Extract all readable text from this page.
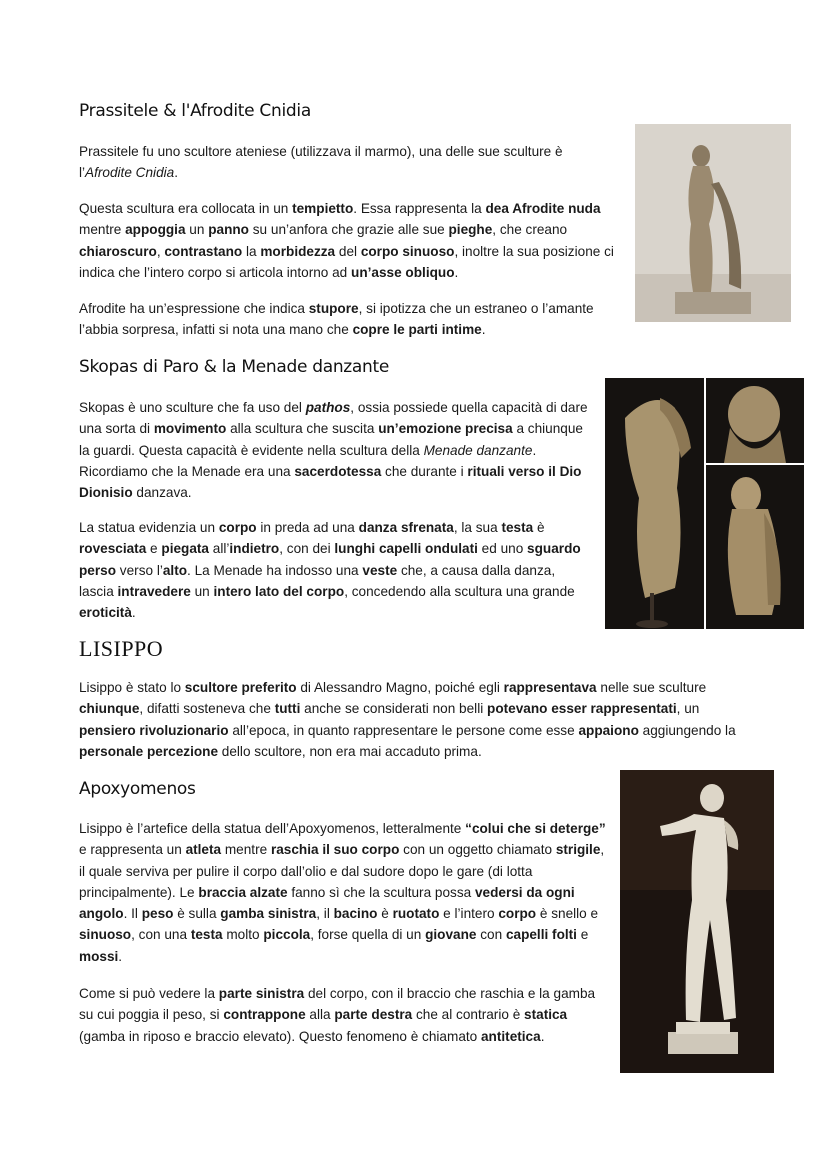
Prassitele & l'Afrodite Cnidia

Prassitele fu uno scultore ateniese (utilizzava il marmo), una delle sue sculture è l’Afrodite Cnidia.

Questa scultura era collocata in un tempietto. Essa rappresenta la dea Afrodite nuda mentre appoggia un panno su un’anfora che grazie alle sue pieghe, che creano chiaroscuro, contrastano la morbidezza del corpo sinuoso, inoltre la sua posizione ci indica che l’intero corpo si articola intorno ad un’asse obliquo.

Afrodite ha un’espressione che indica stupore, si ipotizza che un estraneo o l’amante l’abbia sorpresa, infatti si nota una mano che copre le parti intime.

Skopas di Paro & la Menade danzante

Skopas è uno sculture che fa uso del pathos, ossia possiede quella capacità di dare una sorta di movimento alla scultura che suscita un’emozione precisa a chiunque la guardi. Questa capacità è evidente nella scultura della Menade danzante. Ricordiamo che la Menade era una sacerdotessa che durante i rituali verso il Dio Dionisio danzava.

La statua evidenzia un corpo in preda ad una danza sfrenata, la sua testa è rovesciata e piegata all’indietro, con dei lunghi capelli ondulati ed uno sguardo perso verso l’alto. La Menade ha indosso una veste che, a causa dalla danza, lascia intravedere un intero lato del corpo, concedendo alla scultura una grande eroticità.

LISIPPO

Lisippo è stato lo scultore preferito di Alessandro Magno, poiché egli rappresentava nelle sue sculture chiunque, difatti sosteneva che tutti anche se considerati non belli potevano esser rappresentati, un pensiero rivoluzionario all’epoca, in quanto rappresentare le persone come esse appaiono aggiungendo la personale percezione dello scultore, non era mai accaduto prima.

Apoxyomenos

Lisippo è l’artefice della statua dell’Apoxyomenos, letteralmente “colui che si deterge” e rappresenta un atleta mentre raschia il suo corpo con un oggetto chiamato strigile, il quale serviva per pulire il corpo dall’olio e dal sudore dopo le gare (di lotta principalmente). Le braccia alzate fanno sì che la scultura possa vedersi da ogni angolo. Il peso è sulla gamba sinistra, il bacino è ruotato e l’intero corpo è snello e sinuoso, con una testa molto piccola, forse quella di un giovane con capelli folti e mossi.

Come si può vedere la parte sinistra del corpo, con il braccio che raschia e la gamba su cui poggia il peso, si contrappone alla parte destra che al contrario è statica (gamba in riposo e braccio elevato). Questo fenomeno è chiamato antitetica.
